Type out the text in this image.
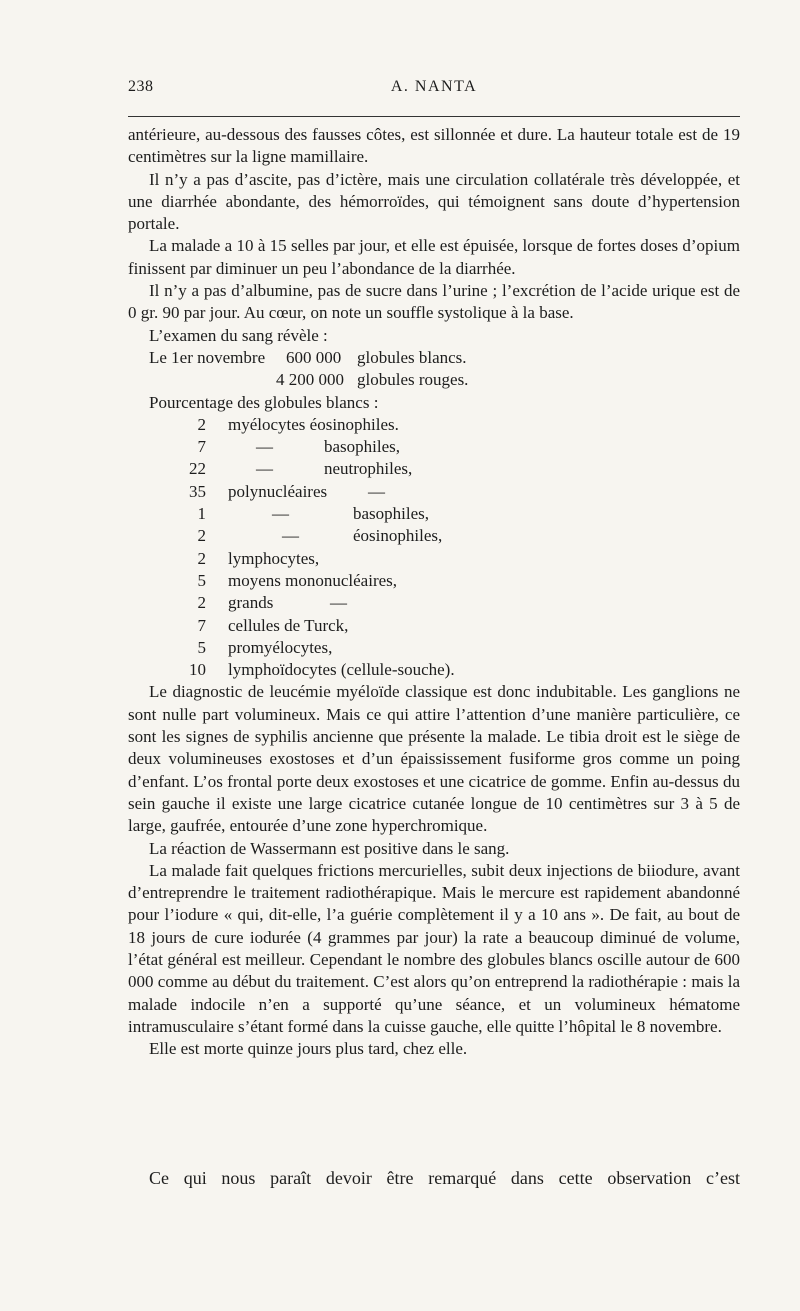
238	A. NANTA

antérieure, au-dessous des fausses côtes, est sillonnée et dure. La hauteur totale est de 19 centimètres sur la ligne mamillaire.

Il n’y a pas d’ascite, pas d’ictère, mais une circulation collatérale très développée, et une diarrhée abondante, des hémorroïdes, qui témoignent sans doute d’hypertension portale.

La malade a 10 à 15 selles par jour, et elle est épuisée, lorsque de fortes doses d’opium finissent par diminuer un peu l’abondance de la diarrhée.

Il n’y a pas d’albumine, pas de sucre dans l’urine ; l’excrétion de l’acide urique est de 0 gr. 90 par jour. Au cœur, on note un souffle systolique à la base.

L’examen du sang révèle :

Le 1er novembre 600 000 globules blancs.
4 200 000 globules rouges.

Pourcentage des globules blancs :

2 myélocytes éosinophiles.
7	—	basophiles,
22	—	neutrophiles,
35 polynucléaires —
1	—	basophiles,
2	—	éosinophiles,
2 lymphocytes,
5 moyens mononucléaires,
2 grands	—
7 cellules de Turck,
5 promyélocytes,
10 lymphoïdocytes (cellule-souche).

Le diagnostic de leucémie myéloïde classique est donc indubitable. Les ganglions ne sont nulle part volumineux. Mais ce qui attire l’attention d’une manière particulière, ce sont les signes de syphilis ancienne que présente la malade. Le tibia droit est le siège de deux volumineuses exostoses et d’un épaississement fusiforme gros comme un poing d’enfant. L’os frontal porte deux exostoses et une cicatrice de gomme. Enfin au-dessus du sein gauche il existe une large cicatrice cutanée longue de 10 centimètres sur 3 à 5 de large, gaufrée, entourée d’une zone hyperchromique.

La réaction de Wassermann est positive dans le sang.

La malade fait quelques frictions mercurielles, subit deux injections de biiodure, avant d’entreprendre le traitement radiothérapique. Mais le mercure est rapidement abandonné pour l’iodure « qui, dit-elle, l’a guérie complètement il y a 10 ans ». De fait, au bout de 18 jours de cure iodurée (4 grammes par jour) la rate a beaucoup diminué de volume, l’état général est meilleur. Cependant le nombre des globules blancs oscille autour de 600 000 comme au début du traitement. C’est alors qu’on entreprend la radiothérapie : mais la malade indocile n’en a supporté qu’une séance, et un volumineux hématome intramusculaire s’étant formé dans la cuisse gauche, elle quitte l’hôpital le 8 novembre.

Elle est morte quinze jours plus tard, chez elle.

Ce qui nous paraît devoir être remarqué dans cette observation c’est
